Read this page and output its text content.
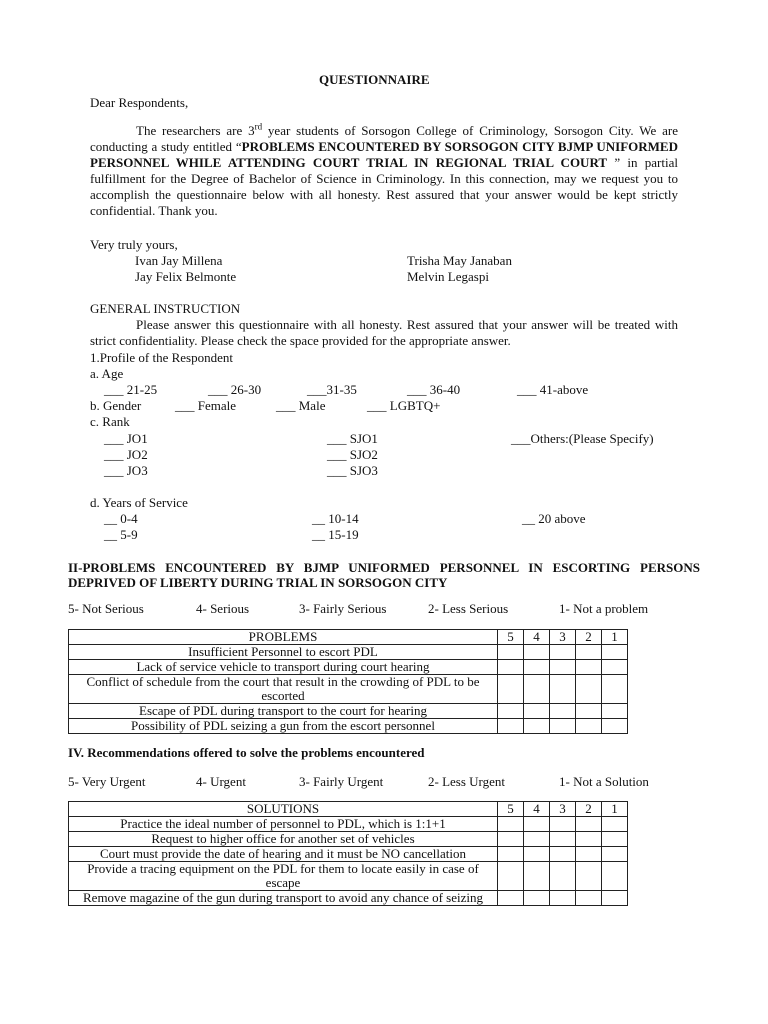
QUESTIONNAIRE
Dear Respondents,
The researchers are 3rd year students of Sorsogon College of Criminology, Sorsogon City. We are conducting a study entitled “PROBLEMS ENCOUNTERED BY SORSOGON CITY BJMP UNIFORMED PERSONNEL WHILE ATTENDING COURT TRIAL IN REGIONAL TRIAL COURT ” in partial fulfillment for the Degree of Bachelor of Science in Criminology. In this connection, may we request you to accomplish the questionnaire below with all honesty. Rest assured that your answer would be kept strictly confidential. Thank you.
Very truly yours,
Ivan Jay Millena
Jay Felix Belmonte
Trisha May Janaban
Melvin Legaspi
GENERAL INSTRUCTION
Please answer this questionnaire with all honesty. Rest assured that your answer will be treated with strict confidentiality. Please check the space provided for the appropriate answer.
1.Profile of the Respondent
a. Age
___ 21-25	___ 26-30	___31-35	___ 36-40	___ 41-above
b. Gender	___ Female	___ Male	___ LGBTQ+
c. Rank
___ JO1
___ JO2
___ JO3
___ SJO1
___ SJO2
___ SJO3
___Others:(Please Specify)
d. Years of Service
__ 0-4
__ 5-9
__ 10-14
__ 15-19
__ 20 above
II-PROBLEMS ENCOUNTERED BY BJMP UNIFORMED PERSONNEL IN ESCORTING PERSONS DEPRIVED OF LIBERTY DURING TRIAL IN SORSOGON CITY
5- Not Serious	4- Serious	3- Fairly Serious	2- Less Serious	1- Not a problem
PROBLEMS	5	4	3	2	1
Insufficient Personnel to escort PDL					
Lack of service vehicle to transport during court hearing					
Conflict of schedule from the court that result in the crowding of PDL to be escorted					
Escape of PDL during transport to the court for hearing					
Possibility of PDL seizing a gun from the escort personnel					
IV. Recommendations offered to solve the problems encountered
5- Very Urgent	4- Urgent	3- Fairly Urgent	2- Less Urgent	1- Not a Solution
SOLUTIONS	5	4	3	2	1
Practice the ideal number of personnel to PDL, which is 1:1+1					
Request to higher office for another set of vehicles					
Court must provide the date of hearing and it must be NO cancellation					
Provide a tracing equipment on the PDL for them to locate easily in case of escape					
Remove magazine of the gun during transport to avoid any chance of seizing					
